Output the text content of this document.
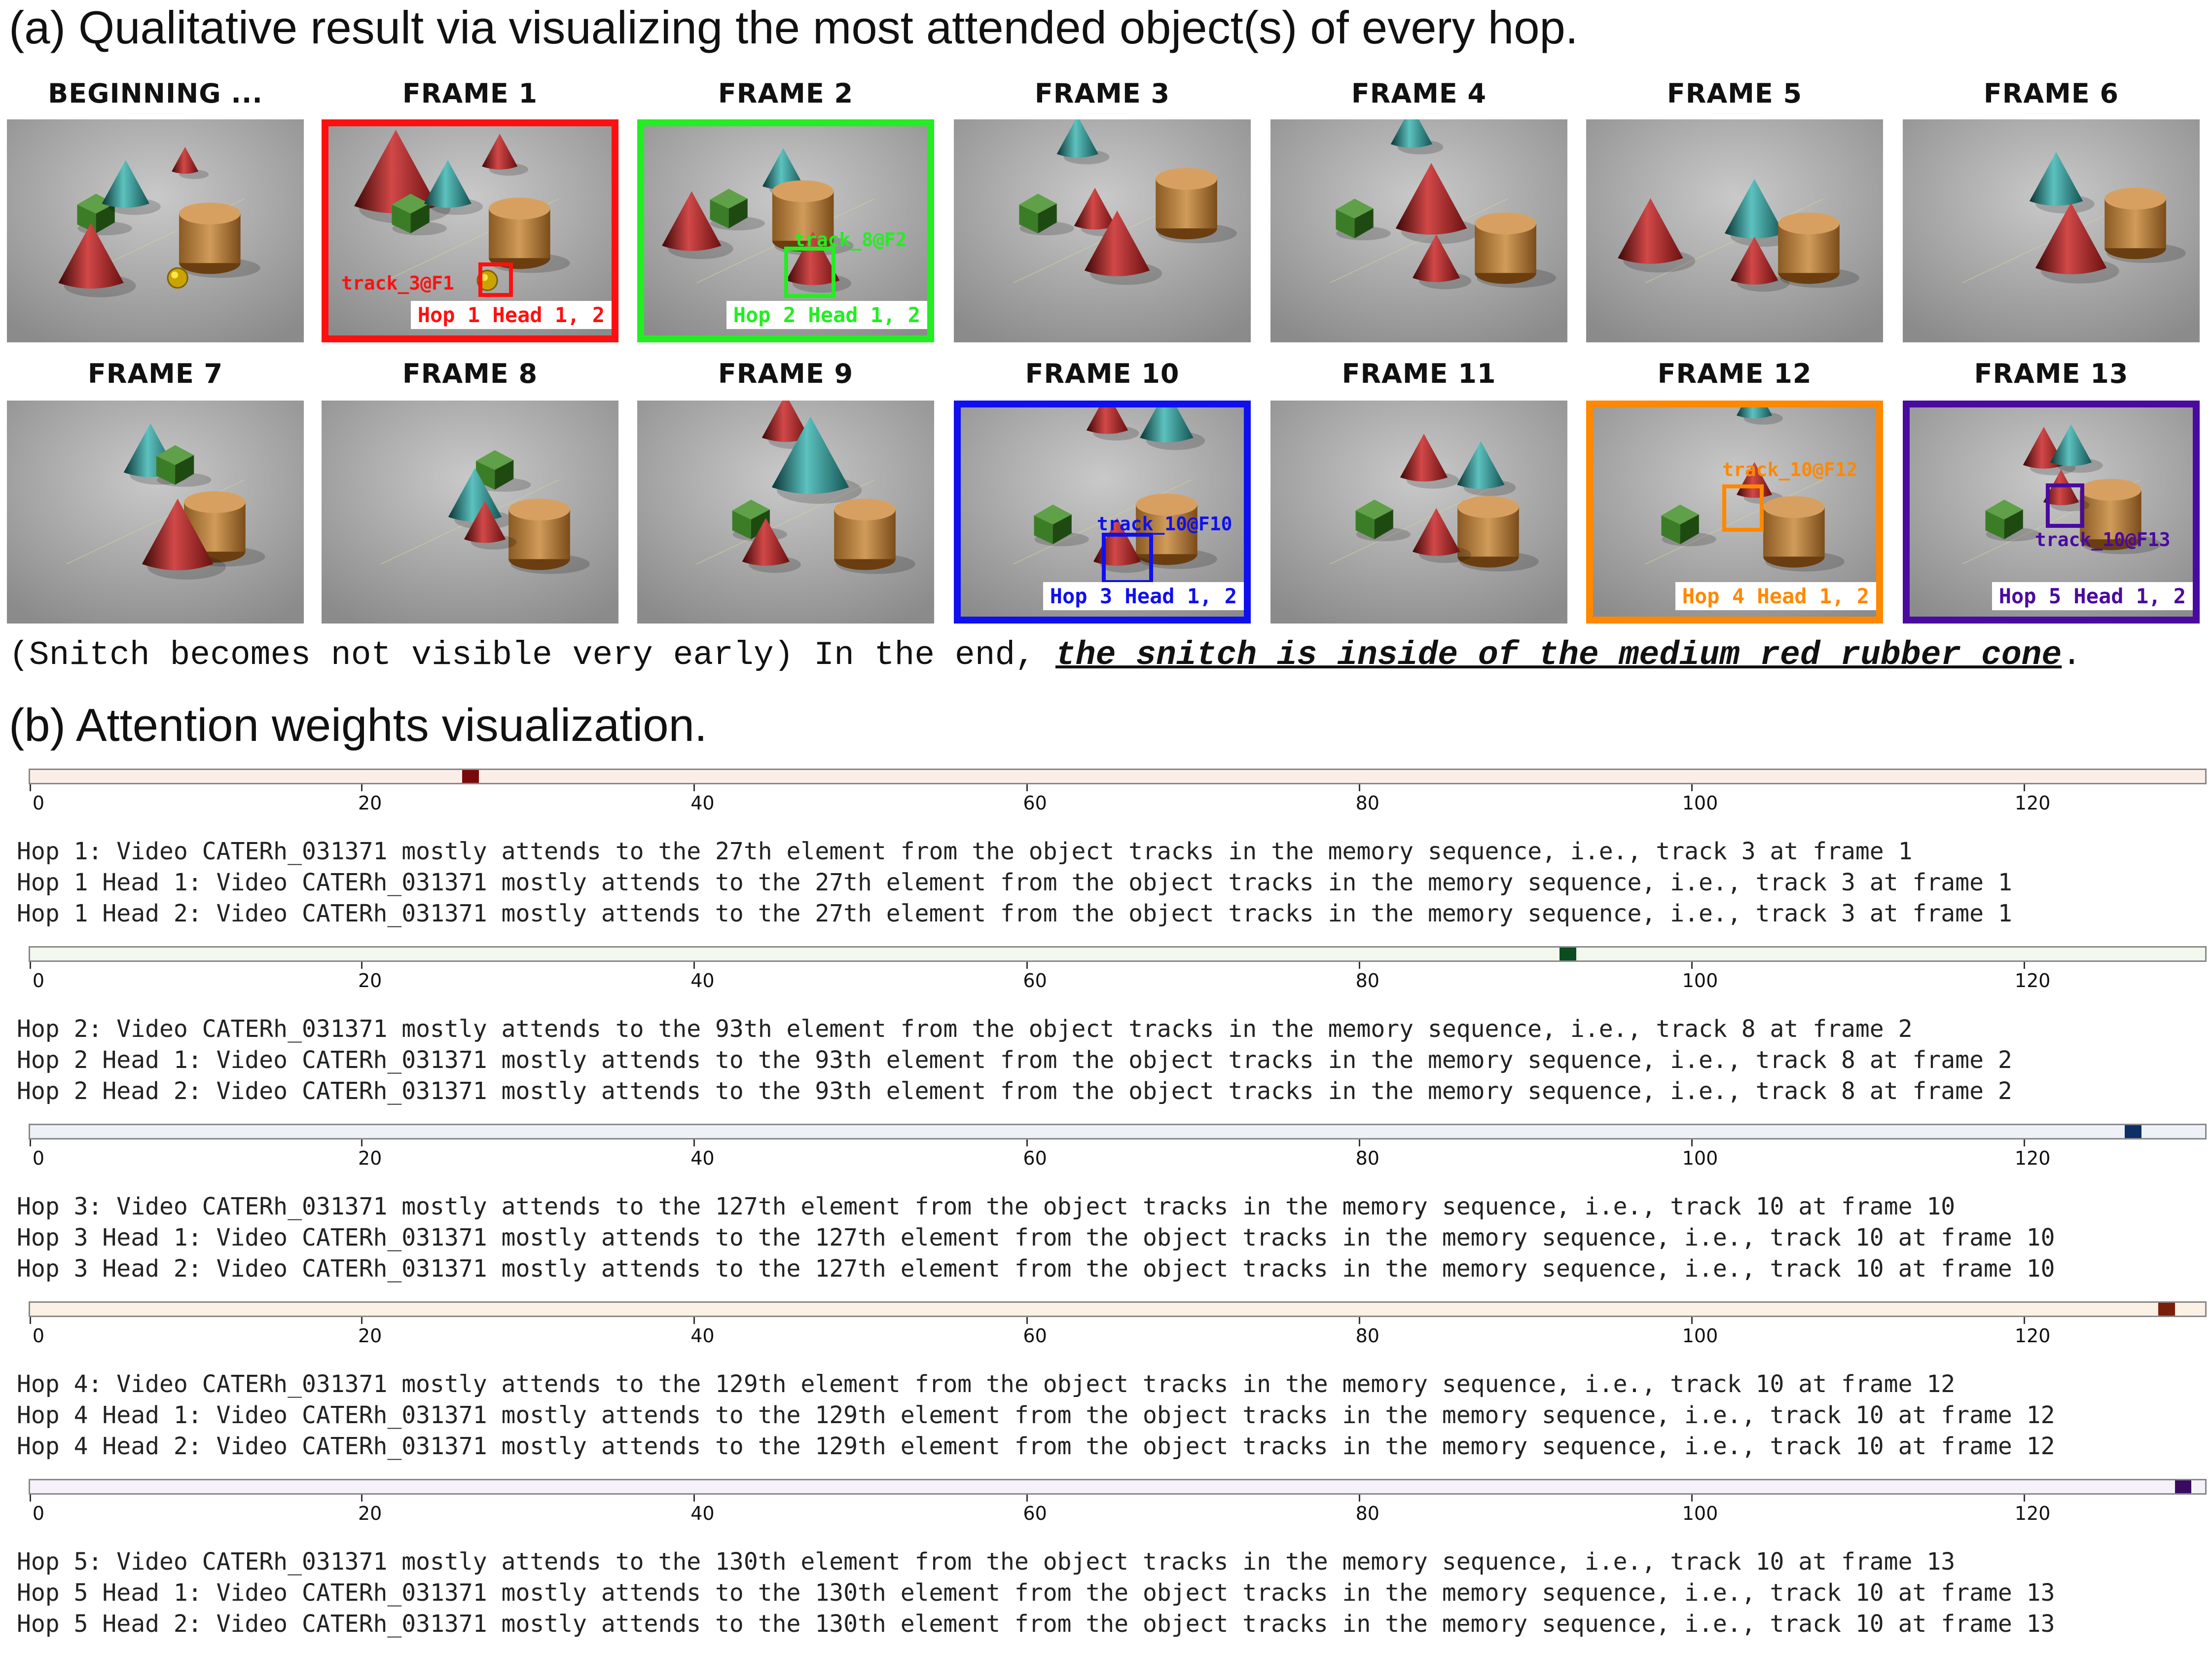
(a) Qualitative result via visualizing the most attended object(s) of every hop.
BEGINNING ...	FRAME 1
track_3@F1
Hop 1 Head 1, 2
FRAME 2
track_8@F2
Hop 2 Head 1, 2
FRAME 3	FRAME 4	FRAME 5	FRAME 6
FRAME 7	FRAME 8	FRAME 9	FRAME 10
track_10@F10
Hop 3 Head 1, 2
FRAME 11	FRAME 12
track_10@F12
Hop 4 Head 1, 2
FRAME 13
track_10@F13
Hop 5 Head 1, 2
(Snitch becomes not visible very early) In the end, the snitch is inside of the medium red rubber cone.
(b) Attention weights visualization.
0	20	40	60	80	100	120
Hop 1: Video CATERh_031371 mostly attends to the 27th element from the object tracks in the memory sequence, i.e., track 3 at frame 1
Hop 1 Head 1: Video CATERh_031371 mostly attends to the 27th element from the object tracks in the memory sequence, i.e., track 3 at frame 1
Hop 1 Head 2: Video CATERh_031371 mostly attends to the 27th element from the object tracks in the memory sequence, i.e., track 3 at frame 1
0	20	40	60	80	100	120
Hop 2: Video CATERh_031371 mostly attends to the 93th element from the object tracks in the memory sequence, i.e., track 8 at frame 2
Hop 2 Head 1: Video CATERh_031371 mostly attends to the 93th element from the object tracks in the memory sequence, i.e., track 8 at frame 2
Hop 2 Head 2: Video CATERh_031371 mostly attends to the 93th element from the object tracks in the memory sequence, i.e., track 8 at frame 2
0	20	40	60	80	100	120
Hop 3: Video CATERh_031371 mostly attends to the 127th element from the object tracks in the memory sequence, i.e., track 10 at frame 10
Hop 3 Head 1: Video CATERh_031371 mostly attends to the 127th element from the object tracks in the memory sequence, i.e., track 10 at frame 10
Hop 3 Head 2: Video CATERh_031371 mostly attends to the 127th element from the object tracks in the memory sequence, i.e., track 10 at frame 10
0	20	40	60	80	100	120
Hop 4: Video CATERh_031371 mostly attends to the 129th element from the object tracks in the memory sequence, i.e., track 10 at frame 12
Hop 4 Head 1: Video CATERh_031371 mostly attends to the 129th element from the object tracks in the memory sequence, i.e., track 10 at frame 12
Hop 4 Head 2: Video CATERh_031371 mostly attends to the 129th element from the object tracks in the memory sequence, i.e., track 10 at frame 12
0	20	40	60	80	100	120
Hop 5: Video CATERh_031371 mostly attends to the 130th element from the object tracks in the memory sequence, i.e., track 10 at frame 13
Hop 5 Head 1: Video CATERh_031371 mostly attends to the 130th element from the object tracks in the memory sequence, i.e., track 10 at frame 13
Hop 5 Head 2: Video CATERh_031371 mostly attends to the 130th element from the object tracks in the memory sequence, i.e., track 10 at frame 13
